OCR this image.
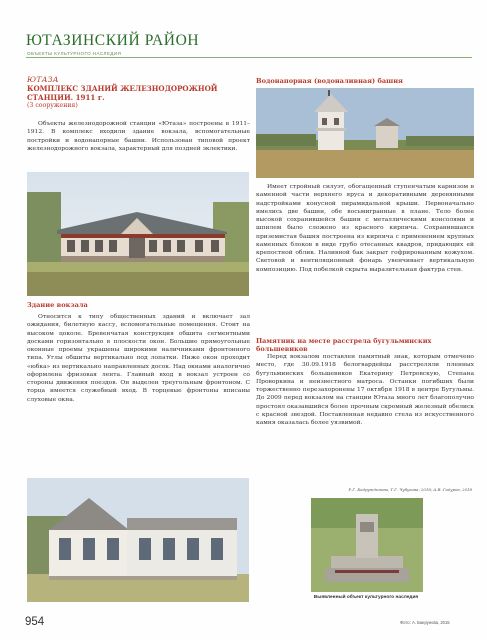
ЮТАЗИНСКИЙ РАЙОН
ОБЪЕКТЫ КУЛЬТУРНОГО НАСЛЕДИЯ
ЮТАЗА
КОМПЛЕКС ЗДАНИЙ ЖЕЛЕЗНОДОРОЖНОЙ СТАНЦИИ. 1911 г.
(3 сооружения)
Объекты железнодорожной станции «Ютаза» построены в 1911–1912. В комплекс входили здание вокзала, вспомогательные постройки и водонапорные башни. Использован типовой проект железнодорожного вокзала, характерный для поздней эклектики.
Здание вокзала
Относится к типу общественных зданий и включает зал ожидания, билетную кассу, вспомогательные помещения. Стоит на высоком цоколе. Бревенчатая конструкция обшита сегментными досками горизонтально в плоскости окон. Большие прямоугольные оконные проемы украшены широкими наличниками фронтонного типа. Углы обшиты вертикально под лопатки. Ниже окон проходит «юбка» из вертикально направленных досок. Над окнами аналогично оформлена фризовая лента. Главный вход в вокзал устроен со стороны движения поездов. Он выделен треугольным фронтоном. С торца имеется служебный вход. В торцевые фронтоны вписаны слуховые окна.
Водонапорная (водоналивная) башня
Имеет стройный силуэт, обогащенный ступенчатым карнизом в каменной части верхнего яруса и декоративными деревянными надстройками конусной пирамидальной крыши. Первоначально имелись две башни, обе восьмигранные в плане. Тело более высокой сохранившейся башни с металлическими консолями и шпилем было сложено из красного кирпича. Сохранившаяся приземистая башня построена из кирпича с применением крупных каменных блоков в виде грубо отесанных квадров, придающих ей крепостной облик. Наливной бак закрыт гофрированным кожухом. Световой и вентиляционный фонарь увенчивает вертикальную композицию. Под побелкой скрыта выразительная фактура стен.
Памятник на месте расстрела бугульминских большевиков
Перед вокзалом поставлен памятный знак, которым отмечено место, где 30.09.1918 белогвардейцы расстреляли пленных бугульминских большевиков Екатерину Петровскую, Степана Проворкина и неизвестного матроса. Останки погибших были торжественно перезахоронены 17 октября 1918 в центре Бугульмы. До 2009 перед вокзалом на станции Ютаза много лет благополучно простоял оказавшийся более прочным скромный железный обелиск с красной звездой. Поставленная недавно стела из искусственного камня оказалась более уязвимой.
Р.Г. Бадрутдинова, Т.Г. Чубукова, 2018; А.В. Гадуров, 2018
Выявленный объект культурного наследия
954	Фото: А. Баерунова, 2015
